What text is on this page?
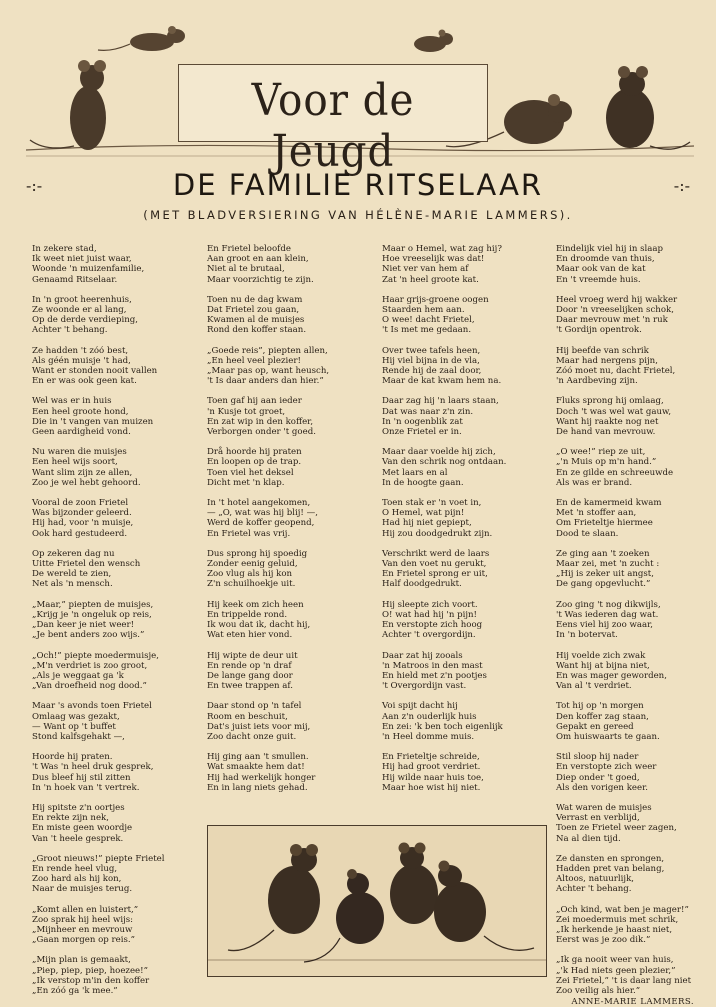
Voor de Jeugd
-:-	DE FAMILIE RITSELAAR	-:-
(MET BLADVERSIERING VAN HÉLÈNE-MARIE LAMMERS).
In zekere stad,
Ik weet niet juist waar,
Woonde 'n muizenfamilie,
Genaamd Ritselaar.
In 'n groot heerenhuis,
Ze woonde er al lang,
Op de derde verdieping,
Achter 't behang.
Ze hadden 't zóó best,
Als géén muisje 't had,
Want er stonden nooit vallen
En er was ook geen kat.
Wel was er in huis
Een heel groote hond,
Die in 't vangen van muizen
Geen aardigheid vond.
Nu waren die muisjes
Een heel wijs soort,
Want slim zijn ze allen,
Zoo je wel hebt gehoord.
Vooral de zoon Frietel
Was bijzonder geleerd.
Hij had, voor 'n muisje,
Ook hard gestudeerd.
Op zekeren dag nu
Uitte Frietel den wensch
De wereld te zien,
Net als 'n mensch.
„Maar,” piepten de muisjes,
„Krijg je 'n ongeluk op reis,
„Dan keer je niet weer!
„Je bent anders zoo wijs.”
„Och!” piepte moedermuisje,
„M'n verdriet is zoo groot,
„Als je weggaat ga 'k
„Van droefheid nog dood.”
Maar 's avonds toen Frietel
Omlaag was gezakt,
— Want op 't buffet
Stond kalfsgehakt —,
Hoorde hij praten.
't Was 'n heel druk gesprek,
Dus bleef hij stil zitten
In 'n hoek van 't vertrek.
Hij spitste z'n oortjes
En rekte zijn nek,
En miste geen woordje
Van 't heele gesprek.
„Groot nieuws!” piepte Frietel
En rende heel vlug,
Zoo hard als hij kon,
Naar de muisjes terug.
„Komt allen en luistert,”
Zoo sprak hij heel wijs:
„Mijnheer en mevrouw
„Gaan morgen op reis.”
„Mijn plan is gemaakt,
„Piep, piep, piep, hoezee!”
„Ik verstop m'in den koffer
„En zóó ga 'k mee.”
En Frietel beloofde
Aan groot en aan klein,
Niet al te brutaal,
Maar voorzichtig te zijn.
Toen nu de dag kwam
Dat Frietel zou gaan,
Kwamen al de muisjes
Rond den koffer staan.
„Goede reis”, piepten allen,
„En heel veel plezier!
„Maar pas op, want heusch,
't Is daar anders dan hier.”
Toen gaf hij aan ieder
'n Kusje tot groet,
En zat wip in den koffer,
Verborgen onder 't goed.
Drå hoorde hij praten
En loopen op de trap.
Toen viel het deksel
Dicht met 'n klap.
In 't hotel aangekomen,
— „O, wat was hij blij! —,
Werd de koffer geopend,
En Frietel was vrij.
Dus sprong hij spoedig
Zonder eenig geluid,
Zoo vlug als hij kon
Z'n schuilhoekje uit.
Hij keek om zich heen
En trippelde rond.
Ik wou dat ik, dacht hij,
Wat eten hier vond.
Hij wipte de deur uit
En rende op 'n draf
De lange gang door
En twee trappen af.
Daar stond op 'n tafel
Room en beschuit,
Dat's juist iets voor mij,
Zoo dacht onze guit.
Hij ging aan 't smullen.
Wat smaakte hem dat!
Hij had werkelijk honger
En in lang niets gehad.
Maar o Hemel, wat zag hij?
Hoe vreeselijk was dat!
Niet ver van hem af
Zat 'n heel groote kat.
Haar grijs-groene oogen
Staarden hem aan.
O wee! dacht Frietel,
't Is met me gedaan.
Over twee tafels heen,
Hij viel bijna in de vla,
Rende hij de zaal door,
Maar de kat kwam hem na.
Daar zag hij 'n laars staan,
Dat was naar z'n zin.
In 'n oogenblik zat
Onze Frietel er in.
Maar daar voelde hij zich,
Van den schrik nog ontdaan.
Met laars en al
In de hoogte gaan.
Toen stak er 'n voet in,
O Hemel, wat pijn!
Had hij niet gepiept,
Hij zou doodgedrukt zijn.
Verschrikt werd de laars
Van den voet nu gerukt,
En Frietel sprong er uit,
Half doodgedrukt.
Hij sleepte zich voort.
O! wat had hij 'n pijn!
En verstopte zich hoog
Achter 't overgordijn.
Daar zat hij zooals
'n Matroos in den mast
En hield met z'n pootjes
't Overgordijn vast.
Voi spijt dacht hij
Aan z'n ouderlijk huis
En zei: 'k ben toch eigenlijk
'n Heel domme muis.
En Frieteltje schreide,
Hij had groot verdriet.
Hij wilde naar huis toe,
Maar hoe wist hij niet.
Eindelijk viel hij in slaap
En droomde van thuis,
Maar ook van de kat
En 't vreemde huis.
Heel vroeg werd hij wakker
Door 'n vreeselijken schok,
Daar mevrouw met 'n ruk
't Gordijn opentrok.
Hij beefde van schrik
Maar had nergens pijn,
Zóó moet nu, dacht Frietel,
'n Aardbeving zijn.
Fluks sprong hij omlaag,
Doch 't was wel wat gauw,
Want hij raakte nog net
De hand van mevrouw.
„O wee!” riep ze uit,
„'n Muis op m'n hand.”
En ze gilde en schreeuwde
Als was er brand.
En de kamermeid kwam
Met 'n stoffer aan,
Om Frieteltje hiermee
Dood te slaan.
Ze ging aan 't zoeken
Maar zei, met 'n zucht :
„Hij is zeker uit angst,
De gang opgevlucht.”
Zoo ging 't nog dikwijls,
't Was iederen dag wat.
Eens viel hij zoo waar,
In 'n botervat.
Hij voelde zich zwak
Want hij at bijna niet,
En was mager geworden,
Van al 't verdriet.
Tot hij op 'n morgen
Den koffer zag staan,
Gepakt en gereed
Om huiswaarts te gaan.
Stil sloop hij nader
En verstopte zich weer
Diep onder 't goed,
Als den vorigen keer.
Wat waren de muisjes
Verrast en verblijd,
Toen ze Frietel weer zagen,
Na al dien tijd.
Ze dansten en sprongen,
Hadden pret van belang,
Altoos, natuurlijk,
Achter 't behang.
„Och kind, wat ben je mager!”
Zei moedermuis met schrik,
„Ik herkende je haast niet,
Eerst was je zoo dik.”
„Ik ga nooit weer van huis,
„'k Had niets geen plezier,”
Zei Frietel,” 't is daar lang niet
Zoo veilig als hier.”
ANNE-MARIE LAMMERS.
